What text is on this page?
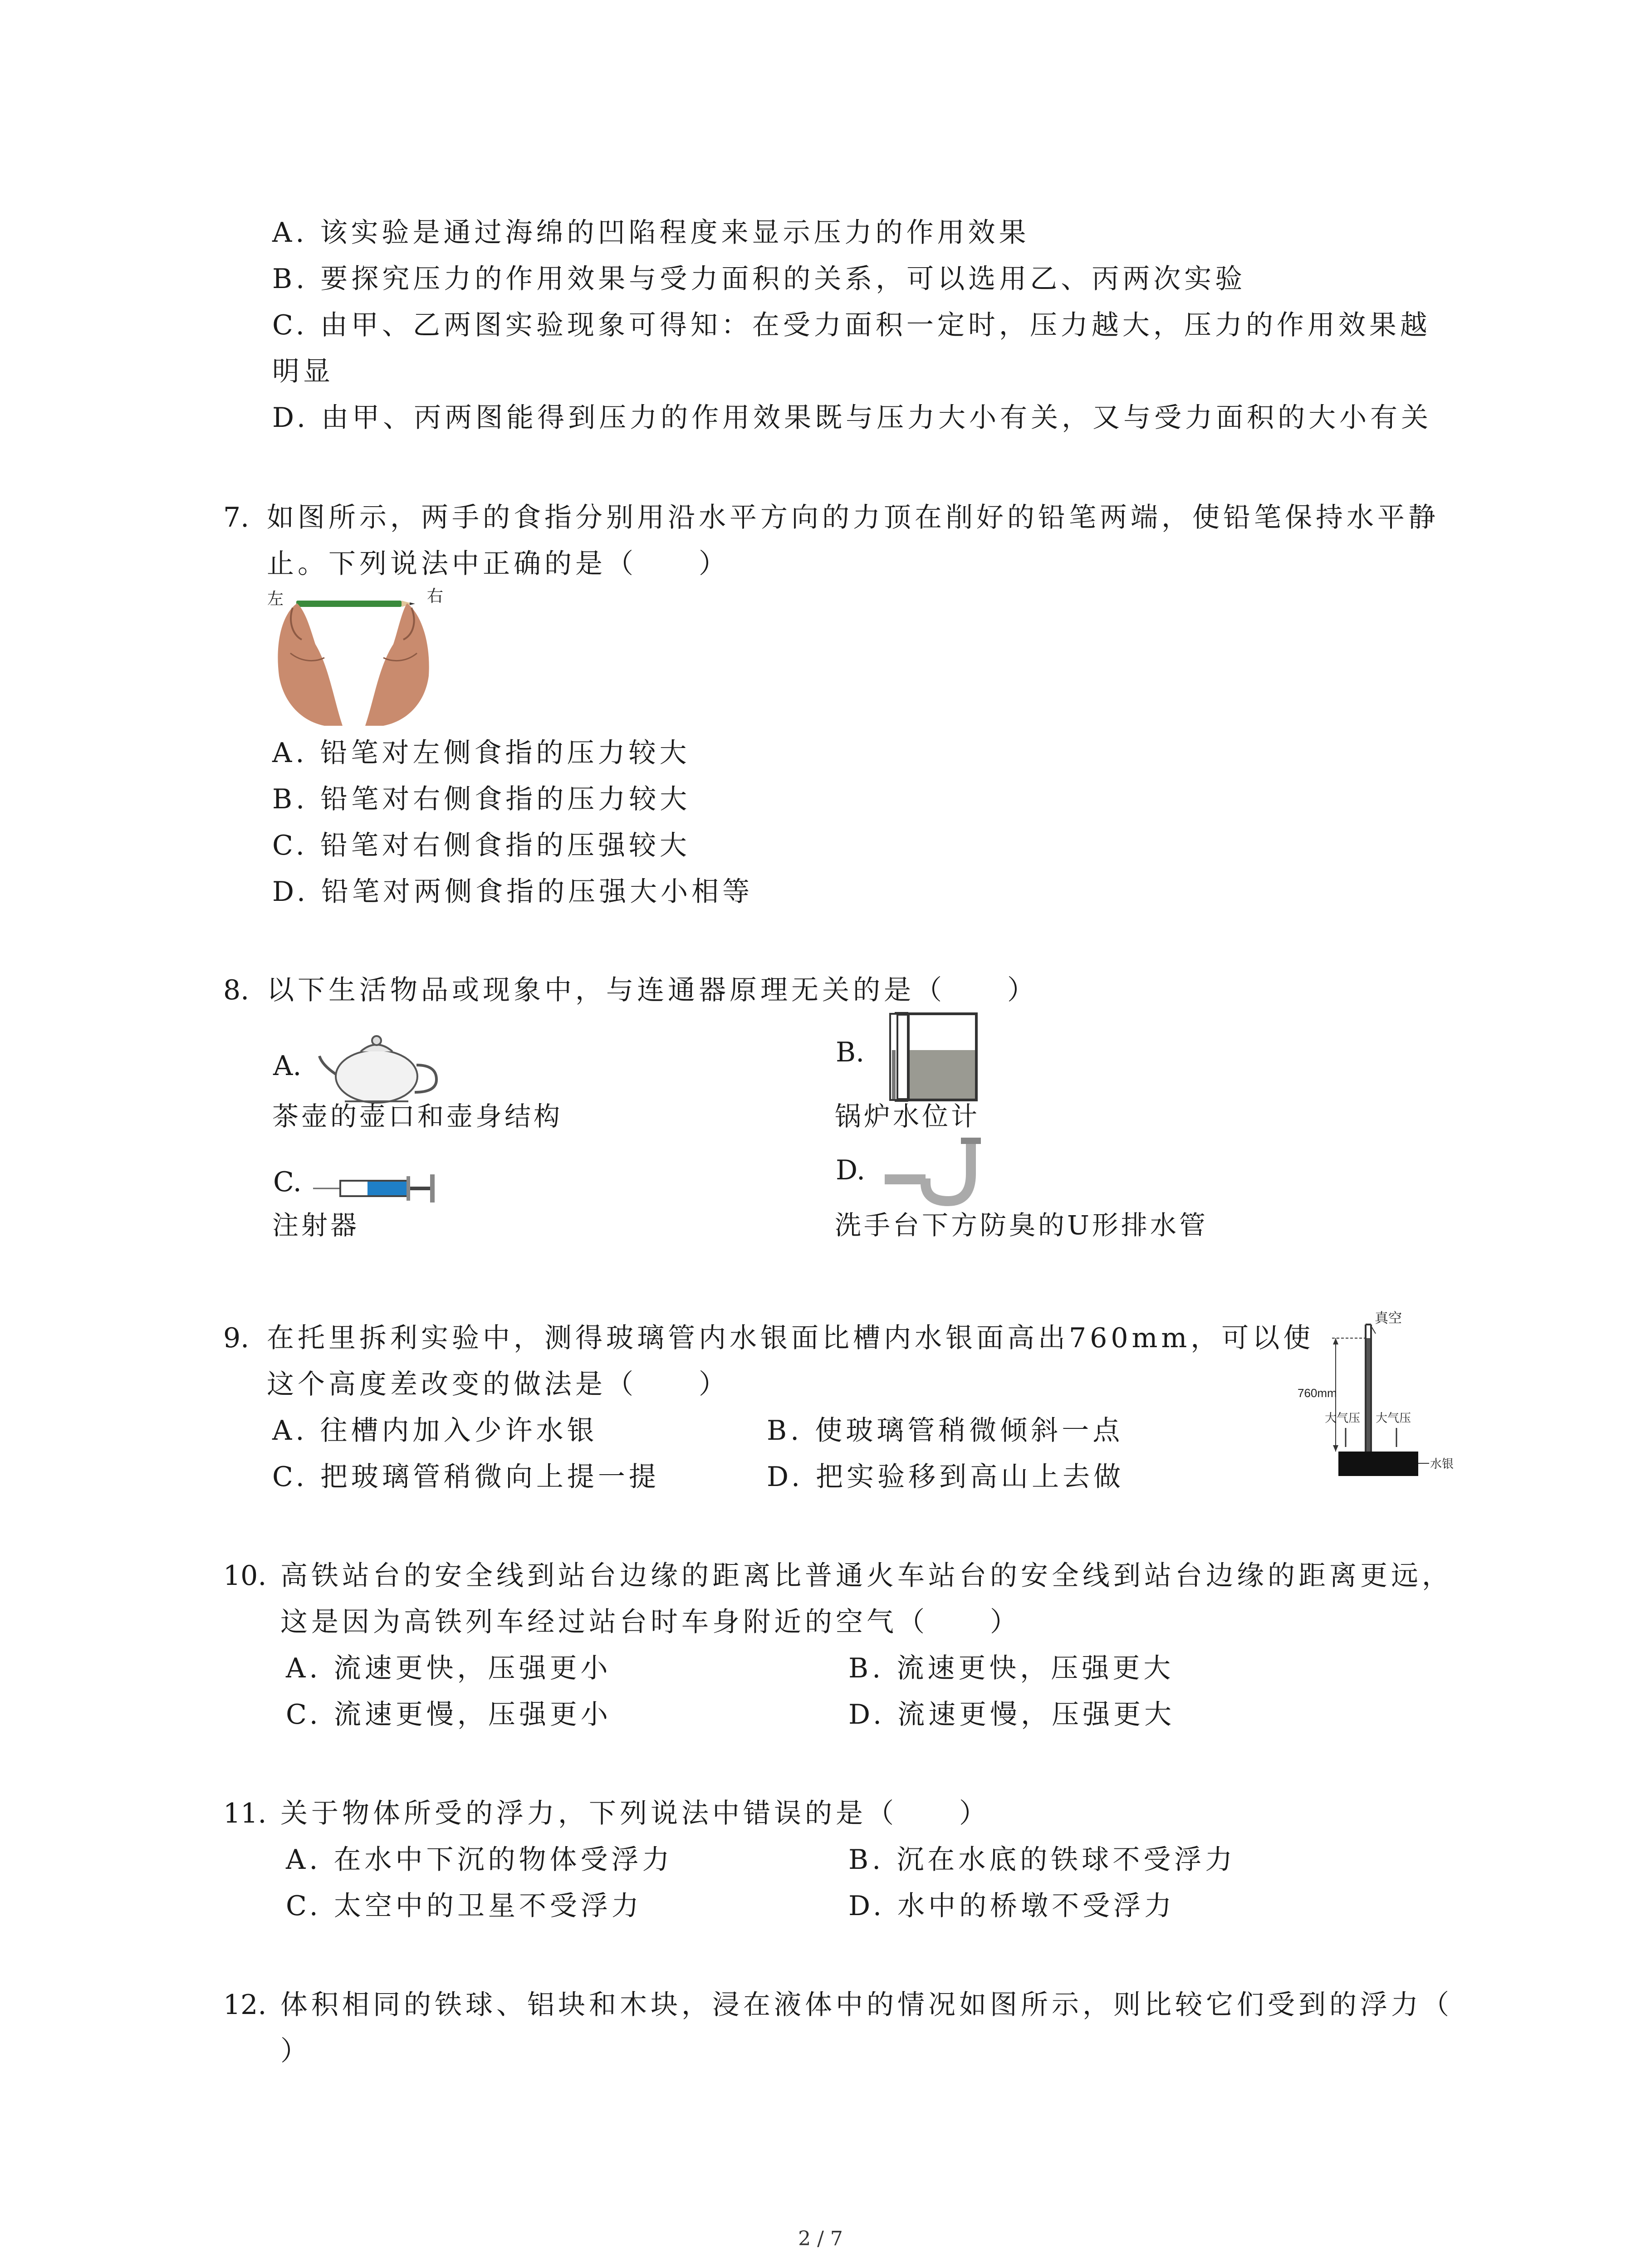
A. 该实验是通过海绵的凹陷程度来显示压力的作用效果
B. 要探究压力的作用效果与受力面积的关系，可以选用乙、丙两次实验
C. 由甲、乙两图实验现象可得知：在受力面积一定时，压力越大，压力的作用效果越
明显
D. 由甲、丙两图能得到压力的作用效果既与压力大小有关，又与受力面积的大小有关
7. 如图所示，两手的食指分别用沿水平方向的力顶在削好的铅笔两端，使铅笔保持水平静
止。下列说法中正确的是（　　）
左	右
A. 铅笔对左侧食指的压力较大
B. 铅笔对右侧食指的压力较大
C. 铅笔对右侧食指的压强较大
D. 铅笔对两侧食指的压强大小相等
8. 以下生活物品或现象中，与连通器原理无关的是（　　）
A.
茶壶的壶口和壶身结构
B.
锅炉水位计
C.
注射器
D.
洗手台下方防臭的U形排水管
9. 在托里拆利实验中，测得玻璃管内水银面比槽内水银面高出760mm，可以使
这个高度差改变的做法是（　　）
A. 往槽内加入少许水银	B. 使玻璃管稍微倾斜一点
C. 把玻璃管稍微向上提一提	D. 把实验移到高山上去做
真空
760mm
大气压 大气压
水银
10. 高铁站台的安全线到站台边缘的距离比普通火车站台的安全线到站台边缘的距离更远，
这是因为高铁列车经过站台时车身附近的空气（　　）
A. 流速更快，压强更小	B. 流速更快，压强更大
C. 流速更慢，压强更小	D. 流速更慢，压强更大
11. 关于物体所受的浮力，下列说法中错误的是（　　）
A. 在水中下沉的物体受浮力	B. 沉在水底的铁球不受浮力
C. 太空中的卫星不受浮力	D. 水中的桥墩不受浮力
12. 体积相同的铁球、铝块和木块，浸在液体中的情况如图所示，则比较它们受到的浮力（
）
2 / 7
